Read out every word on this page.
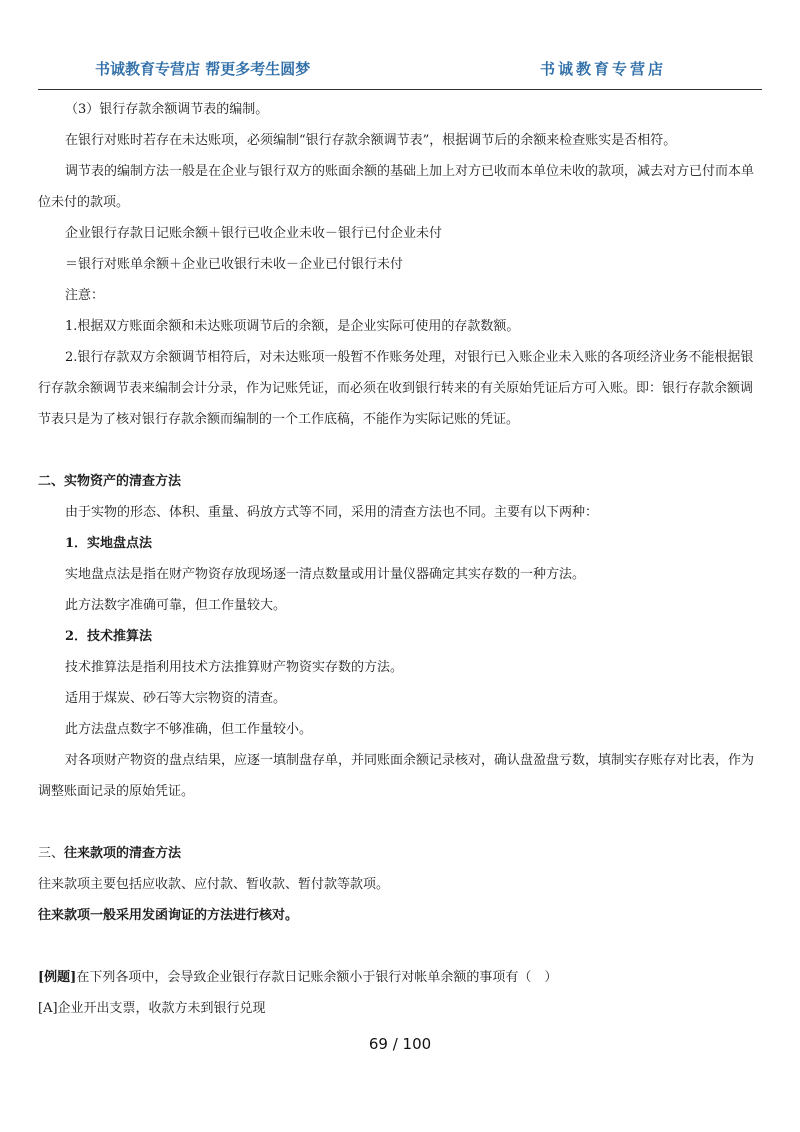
书诚教育专营店 帮更多考生圆梦	书诚教育专营店

（3）银行存款余额调节表的编制。

在银行对账时若存在未达账项，必须编制“银行存款余额调节表”，根据调节后的余额来检查账实是否相符。

调节表的编制方法一般是在企业与银行双方的账面余额的基础上加上对方已收而本单位未收的款项，减去对方已付而本单位未付的款项。

企业银行存款日记账余额＋银行已收企业未收－银行已付企业未付

＝银行对账单余额＋企业已收银行未收－企业已付银行未付

注意：

1.根据双方账面余额和未达账项调节后的余额，是企业实际可使用的存款数额。

2.银行存款双方余额调节相符后，对未达账项一般暂不作账务处理，对银行已入账企业未入账的各项经济业务不能根据银行存款余额调节表来编制会计分录，作为记账凭证，而必须在收到银行转来的有关原始凭证后方可入账。即：银行存款余额调节表只是为了核对银行存款余额而编制的一个工作底稿，不能作为实际记账的凭证。

二、实物资产的清查方法

由于实物的形态、体积、重量、码放方式等不同，采用的清查方法也不同。主要有以下两种：

1．实地盘点法

实地盘点法是指在财产物资存放现场逐一清点数量或用计量仪器确定其实存数的一种方法。

此方法数字准确可靠，但工作量较大。

2．技术推算法

技术推算法是指利用技术方法推算财产物资实存数的方法。

适用于煤炭、砂石等大宗物资的清查。

此方法盘点数字不够准确，但工作量较小。

对各项财产物资的盘点结果，应逐一填制盘存单，并同账面余额记录核对，确认盘盈盘亏数，填制实存账存对比表，作为调整账面记录的原始凭证。

三、往来款项的清查方法

往来款项主要包括应收款、应付款、暂收款、暂付款等款项。

往来款项一般采用发函询证的方法进行核对。

[例题]在下列各项中，会导致企业银行存款日记账余额小于银行对帐单余额的事项有（　）

[A]企业开出支票，收款方未到银行兑现

69 / 100
